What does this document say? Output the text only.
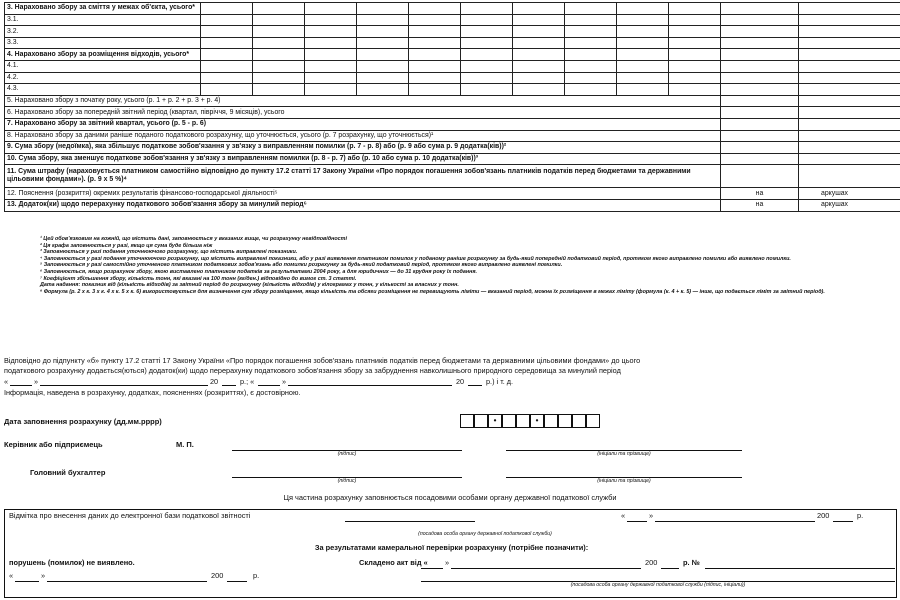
3. Нараховано збору за сміття у межах об'єкта, усього*												
3.1.												
3.2.												
3.3.												
4. Нараховано збору за розміщення відходів, усього*												
4.1.												
4.2.												
4.3.												
5. Нараховано збору з початку року, усього (р. 1 + р. 2 + р. 3 + р. 4)												
6. Нараховано збору за попередній звітний період (квартал, півріччя, 9 місяців), усього												
7. Нараховано збору за звітний квартал, усього (р. 5 - р. 6)												
8. Нараховано збору за даними раніше поданого податкового розрахунку, що уточнюється, усього (р. 7 розрахунку, що уточнюється)¹												
9. Сума збору (недоїмка), яка збільшує податкове зобов'язання у зв'язку з виправленням помилки (р. 7 - р. 8) або (р. 9 або сума р. 9 додатка(ків))²												
10. Сума збору, яка зменшує податкове зобов'язання у зв'язку з виправленням помилки (р. 8 - р. 7) або (р. 10 або сума р. 10 додатка(ків))³												
11. Сума штрафу (нараховується платником самостійно відповідно до пункту 17.2 статті 17 Закону України «Про порядок погашення зобов'язань платників податків перед бюджетами та державними цільовими фондами»). (р. 9 х 5 %)⁴												
12. Пояснення (розкриття) окремих результатів фінансово-господарської діяльності⁵											на	аркушах
13. Додаток(ки) щодо перерахунку податкового зобов'язання збору за минулий період⁶											на	аркушах
¹ Цей обов'язковим на кожній, що містить дані, заповнюється у вказаних вище, чи розрахунку невідповідності
² Ця графа заповнюється у разі, якщо ця сума буде більша ніж
³ Заповнюється у разі подання уточнюючого розрахунку, що містить виправлені показники.
⁴ Заповнюється у разі подання уточнюючого розрахунку, що містить виправлені показники, або у разі виявлення платником помилок у поданому раніше розрахунку за будь-який попередній податковий період, протягом якого виправлено помилки або виявлено помилки.
⁵ Заповнюється у разі самостійно уточненого платником податкових зобов'язань або помилки розрахунку за будь-який податковий період, протягом якого виправлено виявлені помилки.
⁶ Заповнюється, якщо розрахунок збору, якою виставлено платником податків за результатами 2004 року, а для юридичних — до 31 грудня року їх подання.
⁷ Коефіцієнт збільшення збору, кількість тонн, які вказані на 100 тонн (кг/ден.) відповідно до вимог ст. 3 статті.
Дата надання: показник від (кількість відходів) за звітний період до розрахунку (кількість відходів) у кілограмах у тонн, у кількості за власних у тонн.
⁸ Формула (р. 2 х к. 3 х к. 4 х к. 5 х к. 6) використовується для визначення сум збору розміщення, якщо кількість та обсяги розміщення не перевищують ліміти — вказаний період, можна їх розміщення в межах ліміту (формула (к. 4 + к. 5) — інше, що подається ліміт за звітний період).
Відповідно до підпункту «б» пункту 17.2 статті 17 Закону України «Про порядок погашення зобов'язань платників податків перед бюджетами та державними цільовими фондами» до цього
податкового розрахунку додається(ються) додаток(ки) щодо перерахунку податкового зобов'язання збору за забруднення навколишнього природного середовища за минулий період
«	»	20	р.; «	»	20	р.) і т. д.
Інформація, наведена в розрахунку, додатках, поясненнях (розкриттях), є достовірною.
Дата заповнення розрахунку (дд.мм.рррр)	•	•
Керівник або підприємець	М. П.
(підпис)	(ініціали та прізвище)
Головний бухгалтер
(підпис)	(ініціали та прізвище)
Ця частина розрахунку заповнюється посадовими особами органу державної податкової служби
Відмітка про внесення даних до електронної бази податкової звітності	«	»	200	р.
(посадова особа органу державної податкової служби)
За результатами камеральної перевірки розрахунку (потрібне позначити):
порушень (помилок) не виявлено.	Складено акт від « »	200	р. №
«	»	200	р.
(посадова особа органу державної податкової служби (підпис, ініціали))
